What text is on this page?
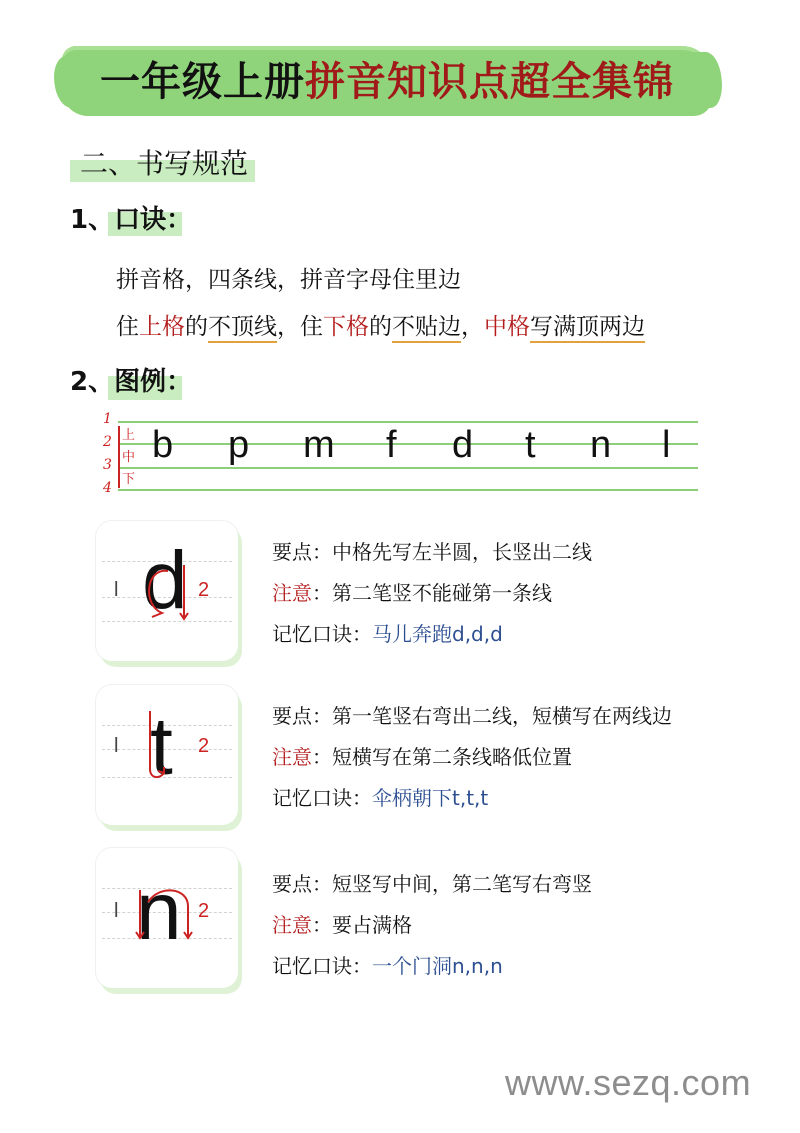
一年级上册拼音知识点超全集锦
二、书写规范
1、口诀：
拼音格，四条线，拼音字母住里边
住上格的不顶线，住下格的不贴边，中格写满顶两边
2、图例：
1
2
3
4
上
中
下
b p m f d t n l
d
l	2
要点：中格先写左半圆，长竖出二线
注意：第二笔竖不能碰第一条线
记忆口诀：马儿奔跑d,d,d
t
l	2
要点：第一笔竖右弯出二线，短横写在两线边
注意：短横写在第二条线略低位置
记忆口诀：伞柄朝下t,t,t
n
l	2
要点：短竖写中间，第二笔写右弯竖
注意：要占满格
记忆口诀：一个门洞n,n,n
www.sezq.com
